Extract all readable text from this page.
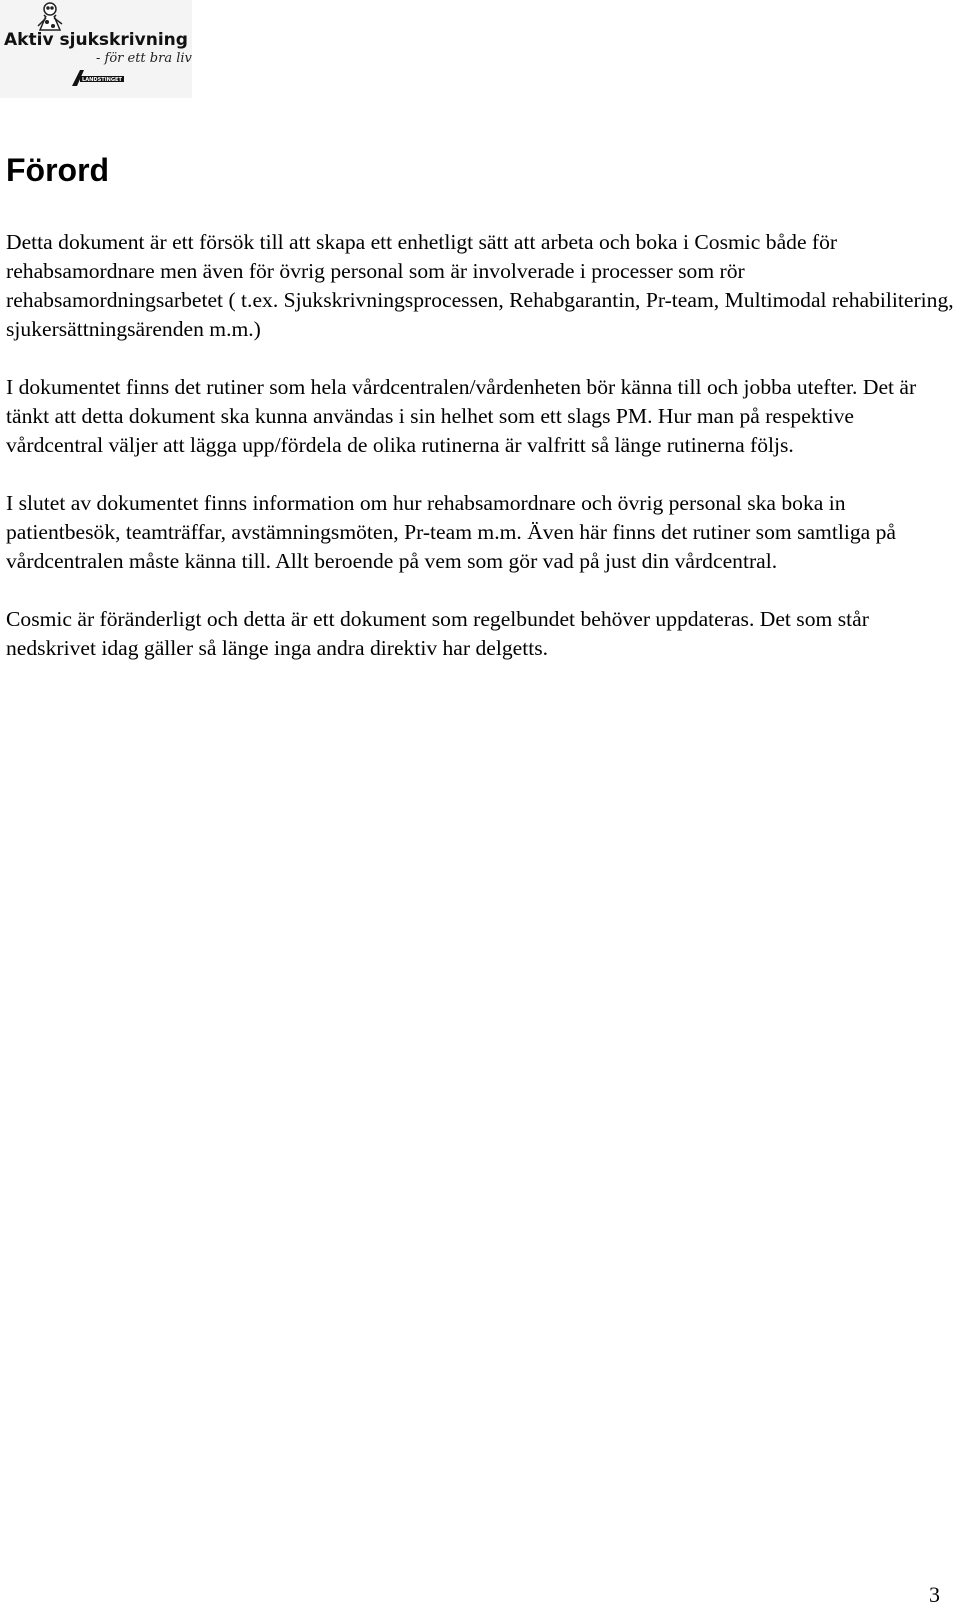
Aktiv sjukskrivning
- för ett bra liv
LANDSTINGET
Förord

Detta dokument är ett försök till att skapa ett enhetligt sätt att arbeta och boka i Cosmic både för rehabsamordnare men även för övrig personal som är involverade i processer som rör rehabsamordningsarbetet ( t.ex. Sjukskrivningsprocessen, Rehabgarantin, Pr-team, Multimodal rehabilitering, sjukersättningsärenden m.m.)

I dokumentet finns det rutiner som hela vårdcentralen/vårdenheten bör känna till och jobba utefter. Det är tänkt att detta dokument ska kunna användas i sin helhet som ett slags PM. Hur man på respektive vårdcentral väljer att lägga upp/fördela de olika rutinerna är valfritt så länge rutinerna följs.

I slutet av dokumentet finns information om hur rehabsamordnare och övrig personal ska boka in patientbesök, teamträffar, avstämningsmöten, Pr-team m.m. Även här finns det rutiner som samtliga på vårdcentralen måste känna till. Allt beroende på vem som gör vad på just din vårdcentral.

Cosmic är föränderligt och detta är ett dokument som regelbundet behöver uppdateras. Det som står nedskrivet idag gäller så länge inga andra direktiv har delgetts.

3
